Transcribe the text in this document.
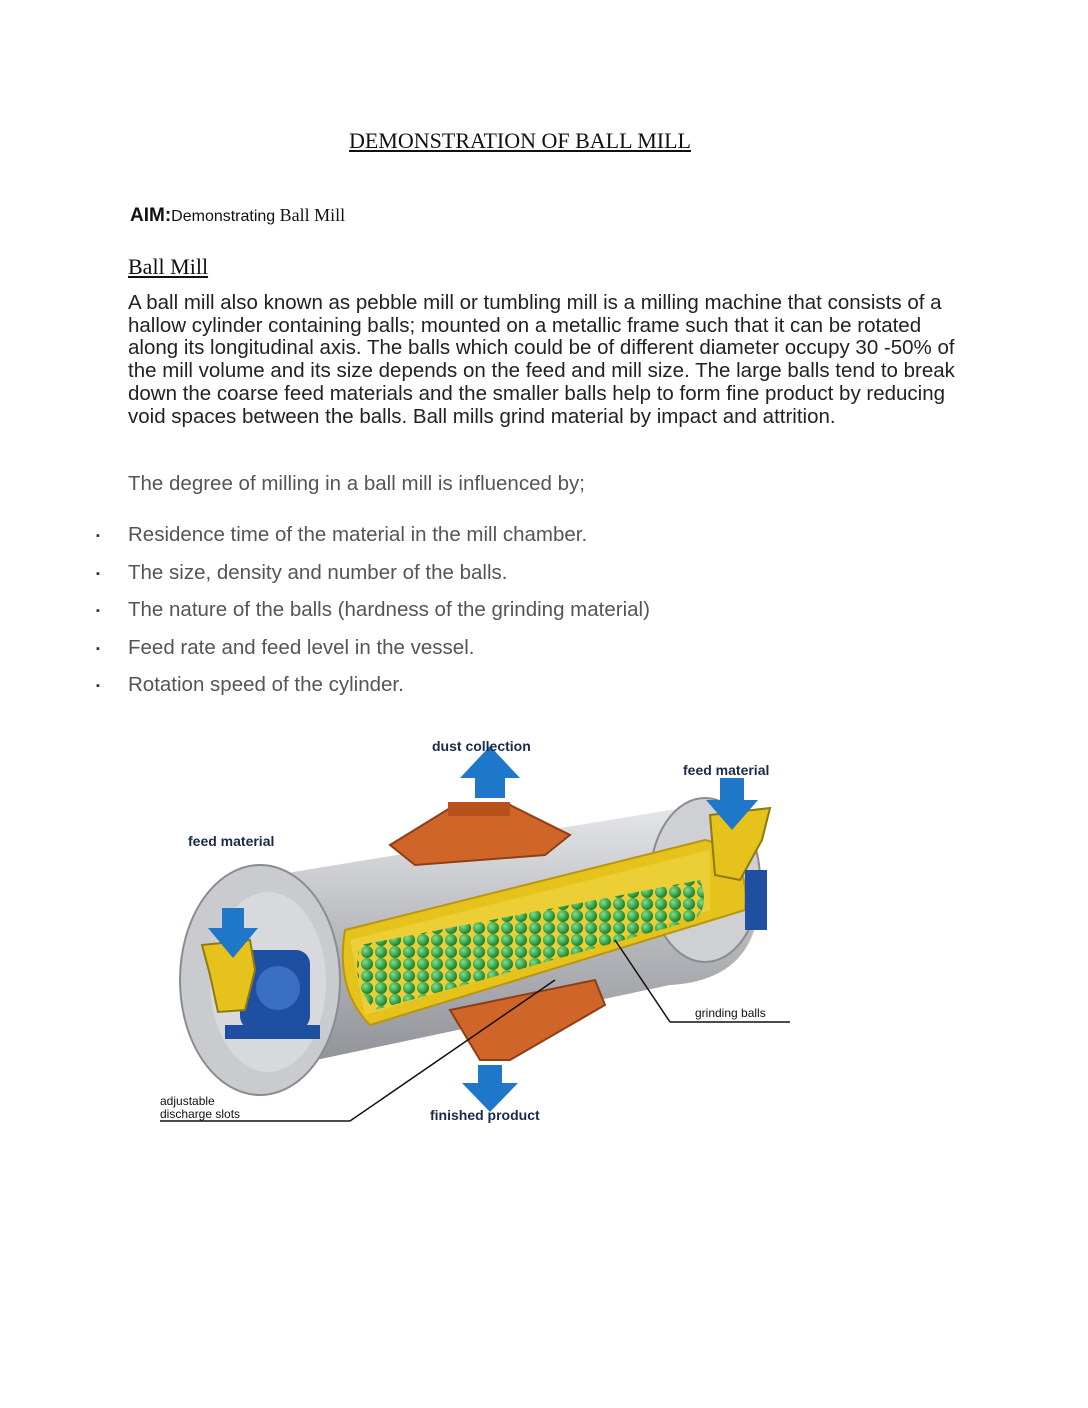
DEMONSTRATION OF BALL MILL
AIM:Demonstrating Ball Mill
Ball Mill

A ball mill also known as pebble mill or tumbling mill is a milling machine that consists of a hallow cylinder containing balls; mounted on a metallic frame such that it can be rotated along its longitudinal axis. The balls which could be of different diameter occupy 30 -50% of the mill volume and its size depends on the feed and mill size. The large balls tend to break down the coarse feed materials and the smaller balls help to form fine product by reducing void spaces between the balls. Ball mills grind material by impact and attrition.

The degree of milling in a ball mill is influenced by;
▪	Residence time of the material in the mill chamber.
▪	The size, density and number of the balls.
▪	The nature of the balls (hardness of the grinding material)
▪	Feed rate and feed level in the vessel.
▪	Rotation speed of the cylinder.
dust collection
feed material
feed material
grinding balls
adjustable
discharge slots	finished product
